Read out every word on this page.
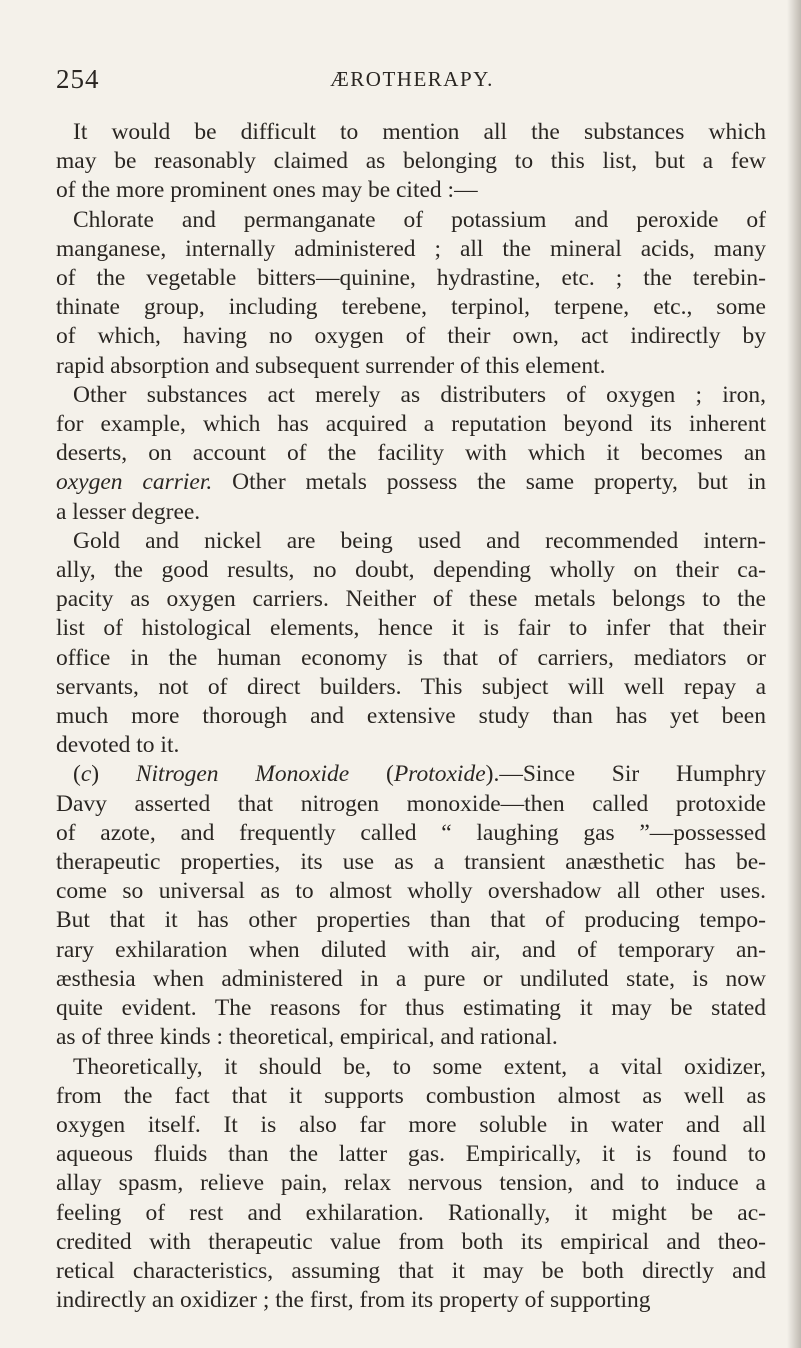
254	ÆROTHERAPY.
It would be difficult to mention all the substances which
may be reasonably claimed as belonging to this list, but a few
of the more prominent ones may be cited :—
Chlorate and permanganate of potassium and peroxide of
manganese, internally administered ; all the mineral acids, many
of the vegetable bitters—quinine, hydrastine, etc. ; the terebin-
thinate group, including terebene, terpinol, terpene, etc., some
of which, having no oxygen of their own, act indirectly by
rapid absorption and subsequent surrender of this element.
Other substances act merely as distributers of oxygen ; iron,
for example, which has acquired a reputation beyond its inherent
deserts, on account of the facility with which it becomes an
oxygen carrier. Other metals possess the same property, but in
a lesser degree.
Gold and nickel are being used and recommended intern-
ally, the good results, no doubt, depending wholly on their ca-
pacity as oxygen carriers. Neither of these metals belongs to the
list of histological elements, hence it is fair to infer that their
office in the human economy is that of carriers, mediators or
servants, not of direct builders. This subject will well repay a
much more thorough and extensive study than has yet been
devoted to it.
(c) Nitrogen Monoxide (Protoxide).—Since Sir Humphry
Davy asserted that nitrogen monoxide—then called protoxide
of azote, and frequently called “ laughing gas ”—possessed
therapeutic properties, its use as a transient anæsthetic has be-
come so universal as to almost wholly overshadow all other uses.
But that it has other properties than that of producing tempo-
rary exhilaration when diluted with air, and of temporary an-
æsthesia when administered in a pure or undiluted state, is now
quite evident. The reasons for thus estimating it may be stated
as of three kinds : theoretical, empirical, and rational.
Theoretically, it should be, to some extent, a vital oxidizer,
from the fact that it supports combustion almost as well as
oxygen itself. It is also far more soluble in water and all
aqueous fluids than the latter gas. Empirically, it is found to
allay spasm, relieve pain, relax nervous tension, and to induce a
feeling of rest and exhilaration. Rationally, it might be ac-
credited with therapeutic value from both its empirical and theo-
retical characteristics, assuming that it may be both directly and
indirectly an oxidizer ; the first, from its property of supporting
